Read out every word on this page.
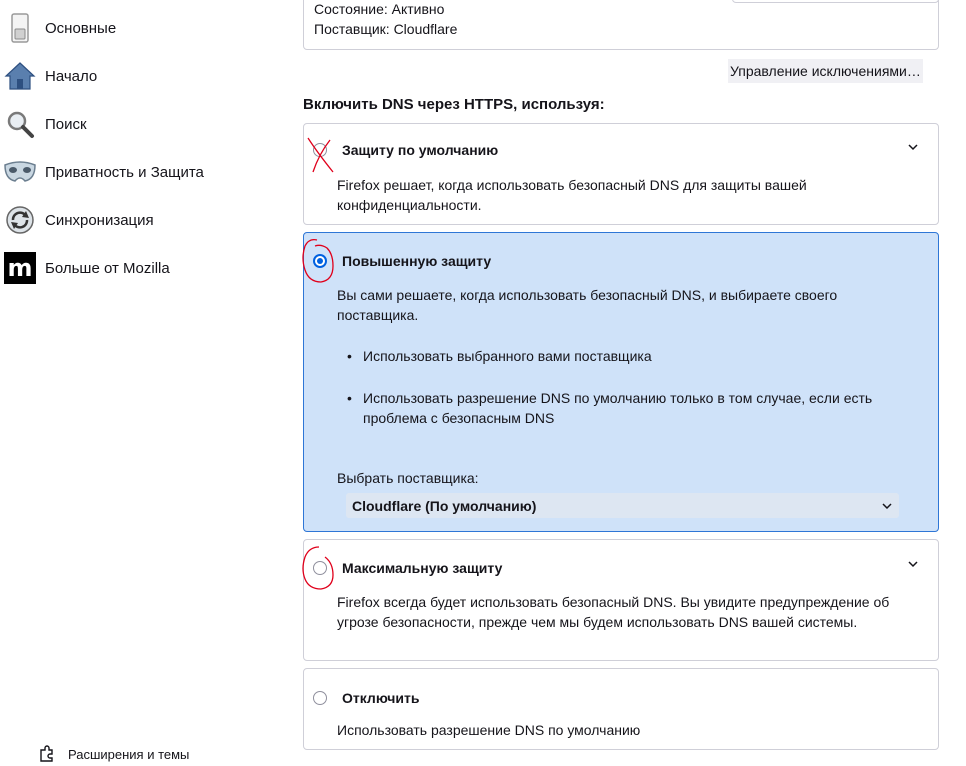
Основные
Начало
Поиск
Приватность и Защита
Синхронизация
m Больше от Mozilla
Расширения и темы
Состояние: Активно
Поставщик: Cloudflare
Управление исключениями…
Включить DNS через HTTPS, используя:
Защиту по умолчанию
Firefox решает, когда использовать безопасный DNS для защиты вашей конфиденциальности.
Повышенную защиту
Вы сами решаете, когда использовать безопасный DNS, и выбираете своего поставщика.
• Использовать выбранного вами поставщика
• Использовать разрешение DNS по умолчанию только в том случае, если есть проблема с безопасным DNS
Выбрать поставщика:
Cloudflare (По умолчанию)
Максимальную защиту
Firefox всегда будет использовать безопасный DNS. Вы увидите предупреждение об угрозе безопасности, прежде чем мы будем использовать DNS вашей системы.
Отключить
Использовать разрешение DNS по умолчанию
